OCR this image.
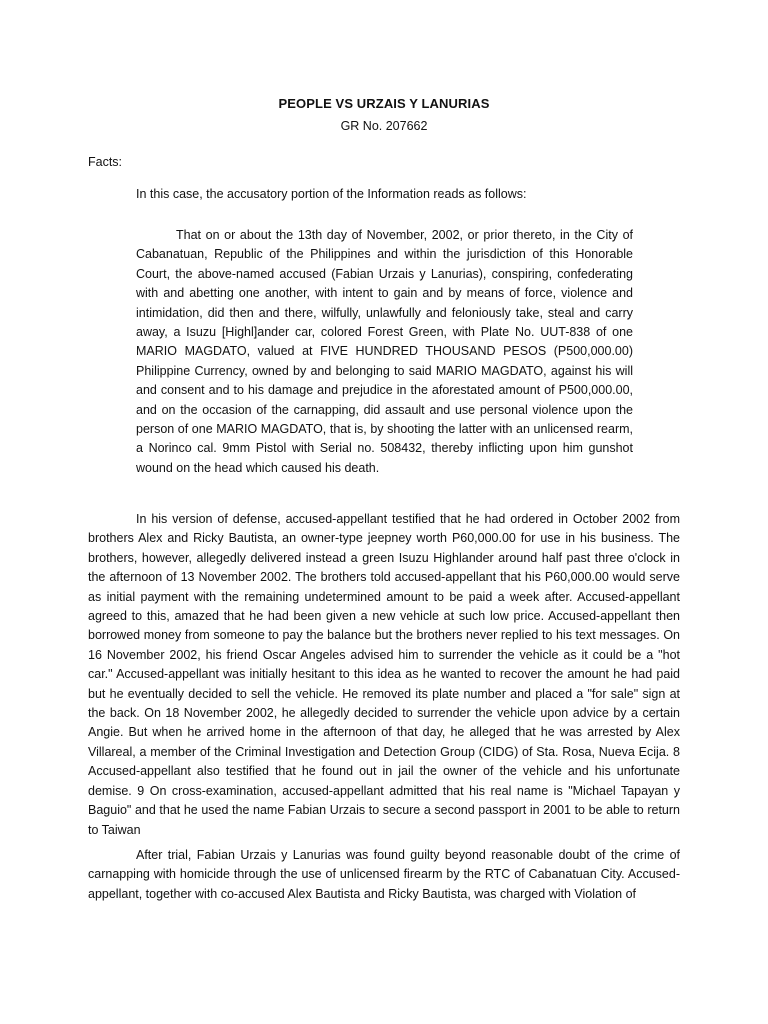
PEOPLE VS URZAIS Y LANURIAS
GR No. 207662
Facts:

In this case, the accusatory portion of the Information reads as follows:

That on or about the 13th day of November, 2002, or prior thereto, in the City of Cabanatuan, Republic of the Philippines and within the jurisdiction of this Honorable Court, the above-named accused (Fabian Urzais y Lanurias), conspiring, confederating with and abetting one another, with intent to gain and by means of force, violence and intimidation, did then and there, wilfully, unlawfully and feloniously take, steal and carry away, a Isuzu [Highl]ander car, colored Forest Green, with Plate No. UUT-838 of one MARIO MAGDATO, valued at FIVE HUNDRED THOUSAND PESOS (P500,000.00) Philippine Currency, owned by and belonging to said MARIO MAGDATO, against his will and consent and to his damage and prejudice in the aforestated amount of P500,000.00, and on the occasion of the carnapping, did assault and use personal violence upon the person of one MARIO MAGDATO, that is, by shooting the latter with an unlicensed rearm, a Norinco cal. 9mm Pistol with Serial no. 508432, thereby inflicting upon him gunshot wound on the head which caused his death.

In his version of defense, accused-appellant testified that he had ordered in October 2002 from brothers Alex and Ricky Bautista, an owner-type jeepney worth P60,000.00 for use in his business. The brothers, however, allegedly delivered instead a green Isuzu Highlander around half past three o'clock in the afternoon of 13 November 2002. The brothers told accused-appellant that his P60,000.00 would serve as initial payment with the remaining undetermined amount to be paid a week after. Accused-appellant agreed to this, amazed that he had been given a new vehicle at such low price. Accused-appellant then borrowed money from someone to pay the balance but the brothers never replied to his text messages. On 16 November 2002, his friend Oscar Angeles advised him to surrender the vehicle as it could be a "hot car." Accused-appellant was initially hesitant to this idea as he wanted to recover the amount he had paid but he eventually decided to sell the vehicle. He removed its plate number and placed a "for sale" sign at the back. On 18 November 2002, he allegedly decided to surrender the vehicle upon advice by a certain Angie. But when he arrived home in the afternoon of that day, he alleged that he was arrested by Alex Villareal, a member of the Criminal Investigation and Detection Group (CIDG) of Sta. Rosa, Nueva Ecija. 8 Accused-appellant also testified that he found out in jail the owner of the vehicle and his unfortunate demise. 9 On cross-examination, accused-appellant admitted that his real name is "Michael Tapayan y Baguio" and that he used the name Fabian Urzais to secure a second passport in 2001 to be able to return to Taiwan

After trial, Fabian Urzais y Lanurias was found guilty beyond reasonable doubt of the crime of carnapping with homicide through the use of unlicensed firearm by the RTC of Cabanatuan City. Accused-appellant, together with co-accused Alex Bautista and Ricky Bautista, was charged with Violation of
